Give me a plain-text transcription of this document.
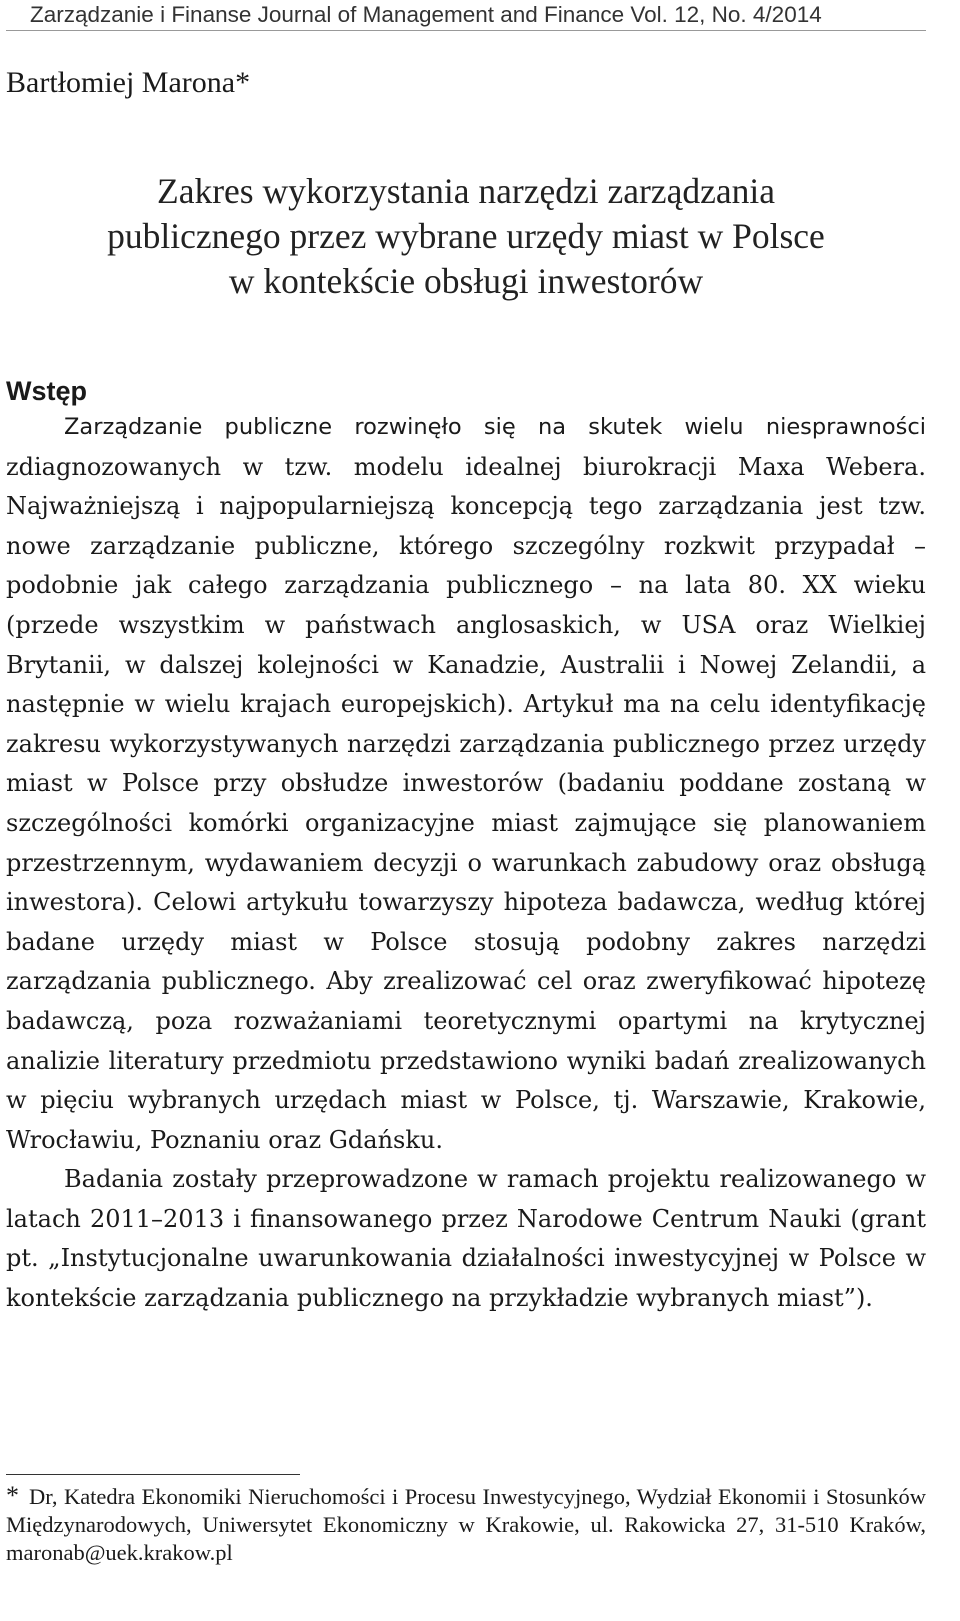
Zarządzanie i Finanse Journal of Management and Finance Vol. 12, No. 4/2014
Bartłomiej Marona*
Zakres wykorzystania narzędzi zarządzania
publicznego przez wybrane urzędy miast w Polsce
w kontekście obsługi inwestorów
Wstęp

Zarządzanie publiczne rozwinęło się na skutek wielu niesprawności zdiagnozowanych w tzw. modelu idealnej biurokracji Maxa Webera. Najważniejszą i najpopularniejszą koncepcją tego zarządzania jest tzw. nowe zarządzanie publiczne, którego szczególny rozkwit przypadał – podobnie jak całego zarządzania publicznego – na lata 80. XX wieku (przede wszystkim w państwach anglosaskich, w USA oraz Wielkiej Brytanii, w dalszej kolejności w Kanadzie, Australii i Nowej Zelandii, a następnie w wielu krajach europejskich). Artykuł ma na celu identyfikację zakresu wykorzystywanych narzędzi zarządzania publicznego przez urzędy miast w Polsce przy obsłudze inwestorów (badaniu poddane zostaną w szczególności komórki organizacyjne miast zajmujące się planowaniem przestrzennym, wydawaniem decyzji o warunkach zabudowy oraz obsługą inwestora). Celowi artykułu towarzyszy hipoteza badawcza, według której badane urzędy miast w Polsce stosują podobny zakres narzędzi zarządzania publicznego. Aby zrealizować cel oraz zweryfikować hipotezę badawczą, poza rozważaniami teoretycznymi opartymi na krytycznej analizie literatury przedmiotu przedstawiono wyniki badań zrealizowanych w pięciu wybranych urzędach miast w Polsce, tj. Warszawie, Krakowie, Wrocławiu, Poznaniu oraz Gdańsku.

Badania zostały przeprowadzone w ramach projektu realizowanego w latach 2011–2013 i finansowanego przez Narodowe Centrum Nauki (grant pt. „Instytucjonalne uwarunkowania działalności inwestycyjnej w Polsce w kontekście zarządzania publicznego na przykładzie wybranych miast”).

* Dr, Katedra Ekonomiki Nieruchomości i Procesu Inwestycyjnego, Wydział Ekonomii i Stosunków Międzynarodowych, Uniwersytet Ekonomiczny w Krakowie, ul. Rakowicka 27, 31-510 Kraków, maronab@uek.krakow.pl
